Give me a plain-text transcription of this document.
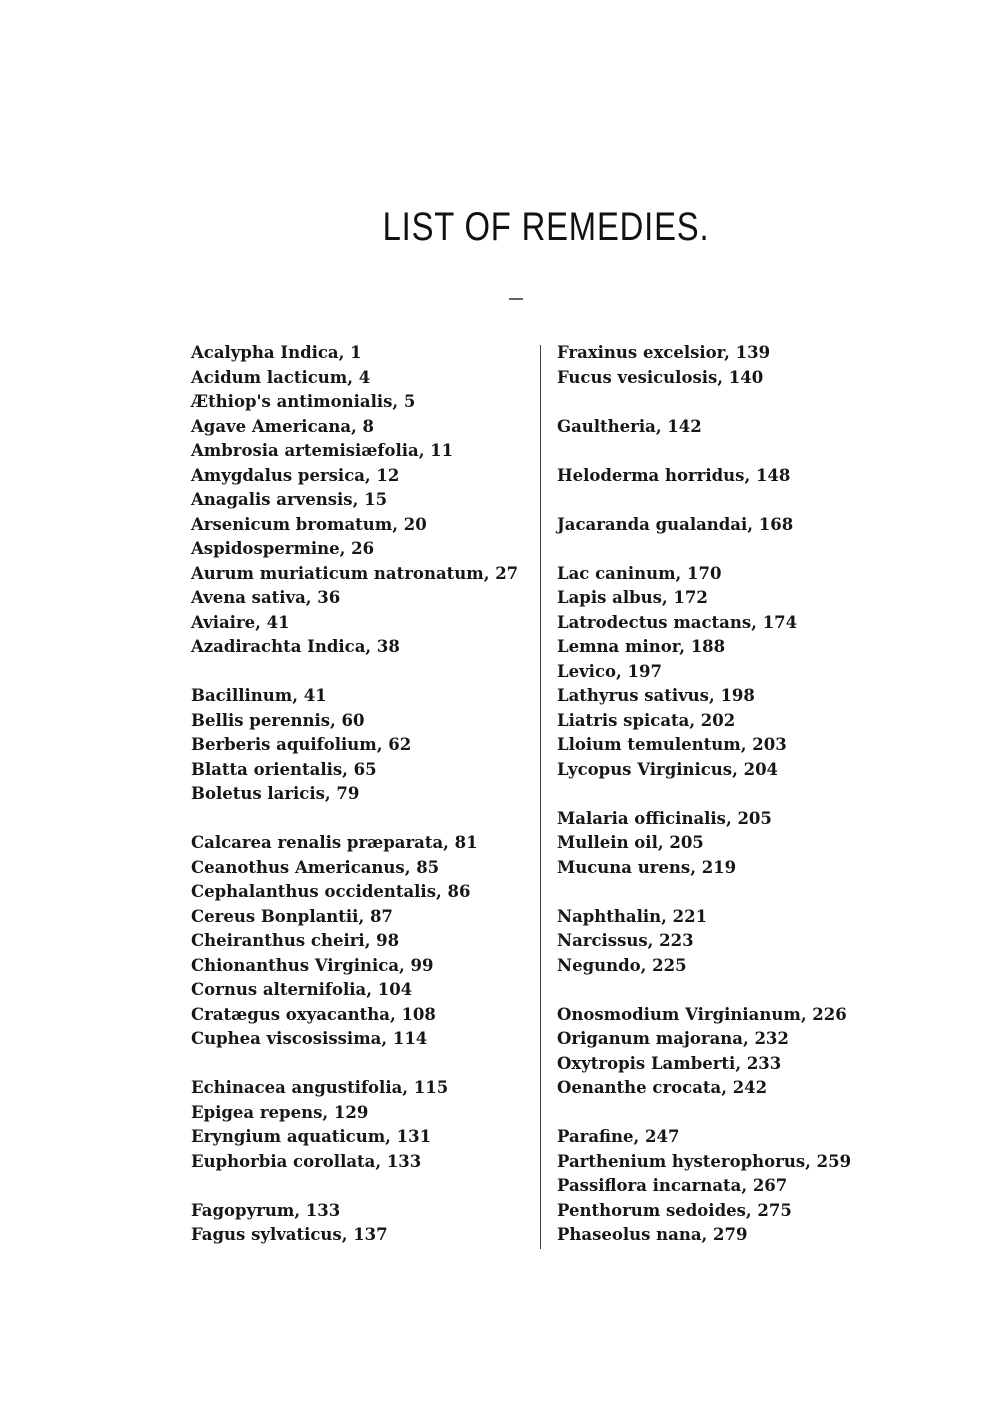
LIST OF REMEDIES.
Acalypha Indica, 1
Acidum lacticum, 4
Æthiop's antimonialis, 5
Agave Americana, 8
Ambrosia artemisiæfolia, 11
Amygdalus persica, 12
Anagalis arvensis, 15
Arsenicum bromatum, 20
Aspidospermine, 26
Aurum muriaticum natronatum, 27
Avena sativa, 36
Aviaire, 41
Azadirachta Indica, 38
Bacillinum, 41
Bellis perennis, 60
Berberis aquifolium, 62
Blatta orientalis, 65
Boletus laricis, 79
Calcarea renalis præparata, 81
Ceanothus Americanus, 85
Cephalanthus occidentalis, 86
Cereus Bonplantii, 87
Cheiranthus cheiri, 98
Chionanthus Virginica, 99
Cornus alternifolia, 104
Cratægus oxyacantha, 108
Cuphea viscosissima, 114
Echinacea angustifolia, 115
Epigea repens, 129
Eryngium aquaticum, 131
Euphorbia corollata, 133
Fagopyrum, 133
Fagus sylvaticus, 137
Fraxinus excelsior, 139
Fucus vesiculosis, 140
Gaultheria, 142
Heloderma horridus, 148
Jacaranda gualandai, 168
Lac caninum, 170
Lapis albus, 172
Latrodectus mactans, 174
Lemna minor, 188
Levico, 197
Lathyrus sativus, 198
Liatris spicata, 202
Lloium temulentum, 203
Lycopus Virginicus, 204
Malaria officinalis, 205
Mullein oil, 205
Mucuna urens, 219
Naphthalin, 221
Narcissus, 223
Negundo, 225
Onosmodium Virginianum, 226
Origanum majorana, 232
Oxytropis Lamberti, 233
Oenanthe crocata, 242
Parafine, 247
Parthenium hysterophorus, 259
Passiflora incarnata, 267
Penthorum sedoides, 275
Phaseolus nana, 279
